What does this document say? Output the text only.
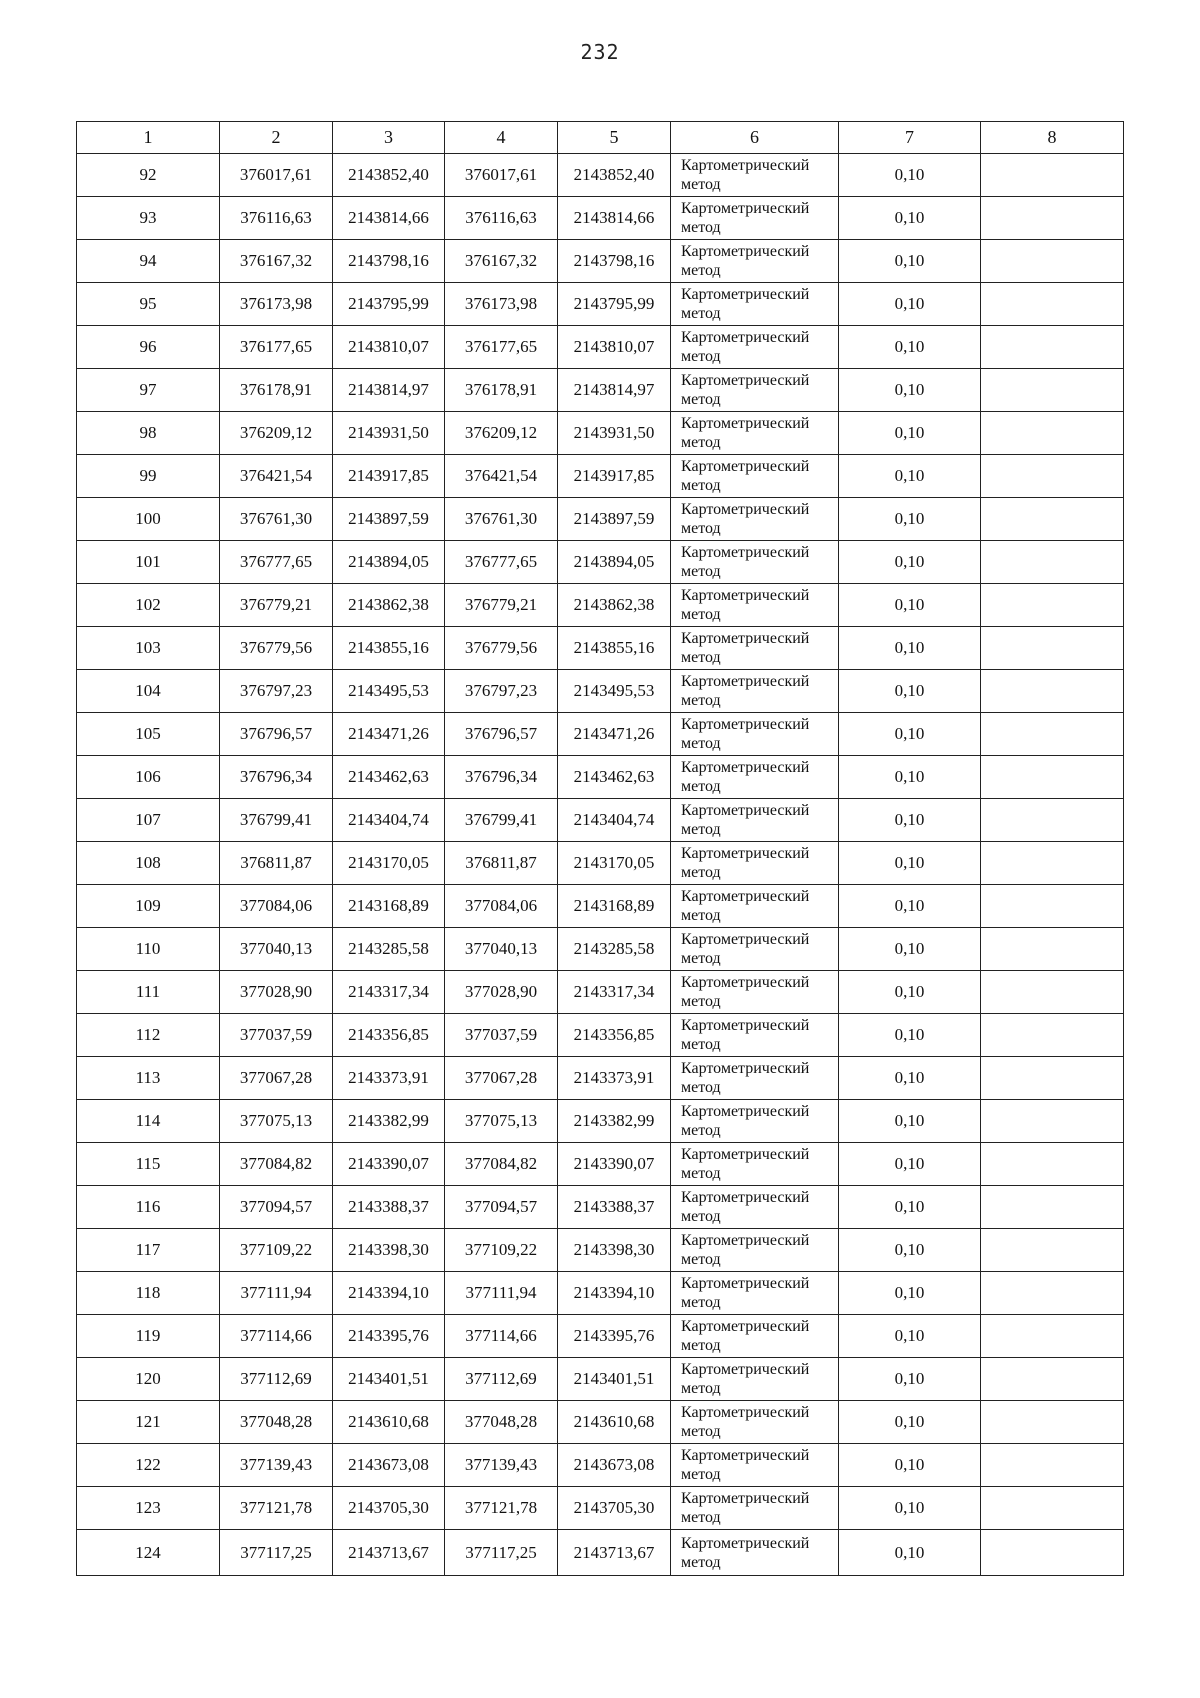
232
1	2	3	4	5	6	7	8
92	376017,61	2143852,40	376017,61	2143852,40	Картометрический метод	0,10	
93	376116,63	2143814,66	376116,63	2143814,66	Картометрический метод	0,10	
94	376167,32	2143798,16	376167,32	2143798,16	Картометрический метод	0,10	
95	376173,98	2143795,99	376173,98	2143795,99	Картометрический метод	0,10	
96	376177,65	2143810,07	376177,65	2143810,07	Картометрический метод	0,10	
97	376178,91	2143814,97	376178,91	2143814,97	Картометрический метод	0,10	
98	376209,12	2143931,50	376209,12	2143931,50	Картометрический метод	0,10	
99	376421,54	2143917,85	376421,54	2143917,85	Картометрический метод	0,10	
100	376761,30	2143897,59	376761,30	2143897,59	Картометрический метод	0,10	
101	376777,65	2143894,05	376777,65	2143894,05	Картометрический метод	0,10	
102	376779,21	2143862,38	376779,21	2143862,38	Картометрический метод	0,10	
103	376779,56	2143855,16	376779,56	2143855,16	Картометрический метод	0,10	
104	376797,23	2143495,53	376797,23	2143495,53	Картометрический метод	0,10	
105	376796,57	2143471,26	376796,57	2143471,26	Картометрический метод	0,10	
106	376796,34	2143462,63	376796,34	2143462,63	Картометрический метод	0,10	
107	376799,41	2143404,74	376799,41	2143404,74	Картометрический метод	0,10	
108	376811,87	2143170,05	376811,87	2143170,05	Картометрический метод	0,10	
109	377084,06	2143168,89	377084,06	2143168,89	Картометрический метод	0,10	
110	377040,13	2143285,58	377040,13	2143285,58	Картометрический метод	0,10	
111	377028,90	2143317,34	377028,90	2143317,34	Картометрический метод	0,10	
112	377037,59	2143356,85	377037,59	2143356,85	Картометрический метод	0,10	
113	377067,28	2143373,91	377067,28	2143373,91	Картометрический метод	0,10	
114	377075,13	2143382,99	377075,13	2143382,99	Картометрический метод	0,10	
115	377084,82	2143390,07	377084,82	2143390,07	Картометрический метод	0,10	
116	377094,57	2143388,37	377094,57	2143388,37	Картометрический метод	0,10	
117	377109,22	2143398,30	377109,22	2143398,30	Картометрический метод	0,10	
118	377111,94	2143394,10	377111,94	2143394,10	Картометрический метод	0,10	
119	377114,66	2143395,76	377114,66	2143395,76	Картометрический метод	0,10	
120	377112,69	2143401,51	377112,69	2143401,51	Картометрический метод	0,10	
121	377048,28	2143610,68	377048,28	2143610,68	Картометрический метод	0,10	
122	377139,43	2143673,08	377139,43	2143673,08	Картометрический метод	0,10	
123	377121,78	2143705,30	377121,78	2143705,30	Картометрический метод	0,10	
124	377117,25	2143713,67	377117,25	2143713,67	Картометрический метод	0,10	
